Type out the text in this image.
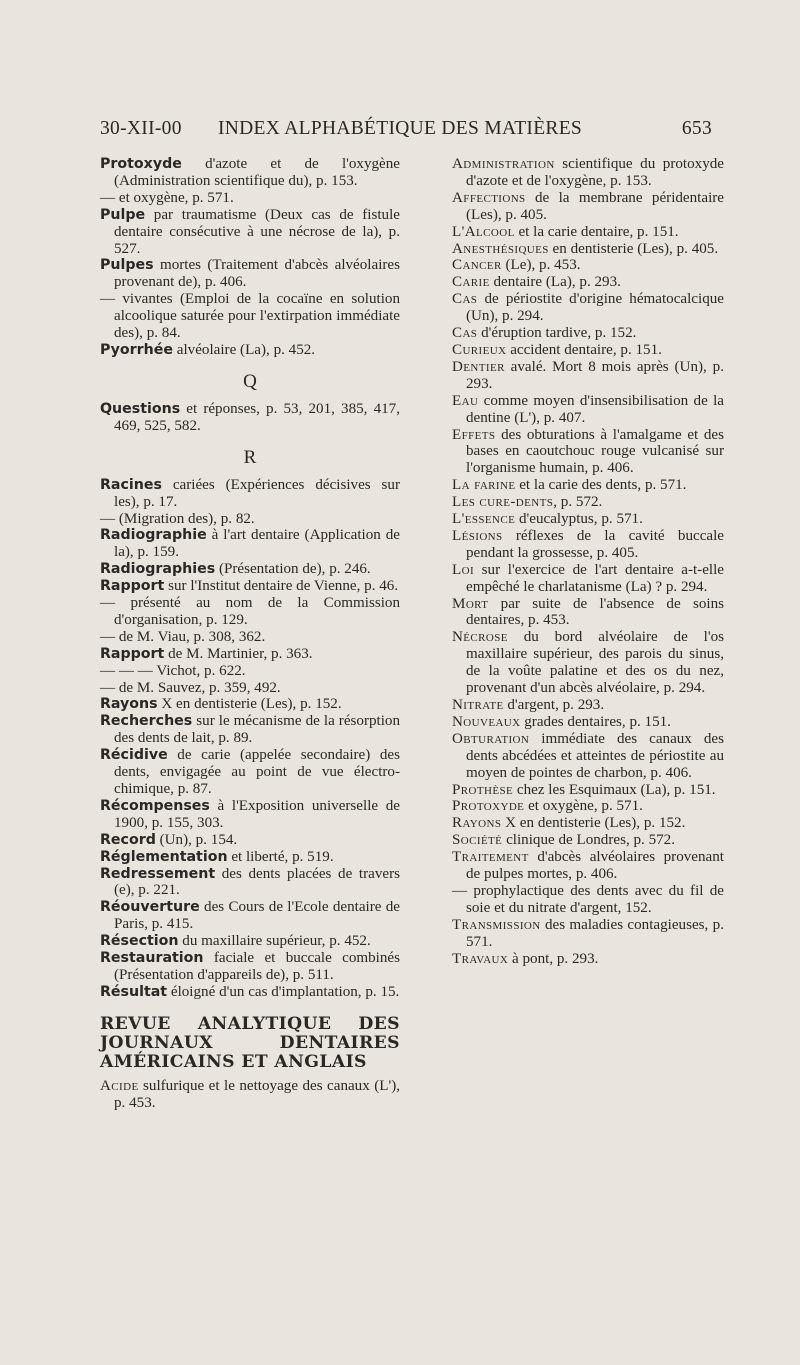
30-XII-00 INDEX ALPHABÉTIQUE DES MATIÈRES	653

Protoxyde d'azote et de l'oxygène (Administration scientifique du), p. 153.

— et oxygène, p. 571.

Pulpe par traumatisme (Deux cas de fistule dentaire consécutive à une nécrose de la), p. 527.

Pulpes mortes (Traitement d'abcès alvéolaires provenant de), p. 406.

— vivantes (Emploi de la cocaïne en solution alcoolique saturée pour l'extirpation immédiate des), p. 84.

Pyorrhée alvéolaire (La), p. 452.

Q

Questions et réponses, p. 53, 201, 385, 417, 469, 525, 582.

R

Racines cariées (Expériences décisives sur les), p. 17.

— (Migration des), p. 82.

Radiographie à l'art dentaire (Application de la), p. 159.

Radiographies (Présentation de), p. 246.

Rapport sur l'Institut dentaire de Vienne, p. 46.

— présenté au nom de la Commission d'organisation, p. 129.

— de M. Viau, p. 308, 362.

Rapport de M. Martinier, p. 363.

— — — Vichot, p. 622.

— de M. Sauvez, p. 359, 492.

Rayons X en dentisterie (Les), p. 152.

Recherches sur le mécanisme de la résorption des dents de lait, p. 89.

Récidive de carie (appelée secondaire) des dents, envigagée au point de vue électro-chimique, p. 87.

Récompenses à l'Exposition universelle de 1900, p. 155, 303.

Record (Un), p. 154.

Réglementation et liberté, p. 519.

Redressement des dents placées de travers (e), p. 221.

Réouverture des Cours de l'Ecole dentaire de Paris, p. 415.

Résection du maxillaire supérieur, p. 452.

Restauration faciale et buccale combinés (Présentation d'appareils de), p. 511.

Résultat éloigné d'un cas d'implantation, p. 15.

REVUE ANALYTIQUE DES JOURNAUX DENTAIRES AMÉRICAINS ET ANGLAIS

Acide sulfurique et le nettoyage des canaux (L'), p. 453.

Administration scientifique du protoxyde d'azote et de l'oxygène, p. 153.

Affections de la membrane péridentaire (Les), p. 405.

L'Alcool et la carie dentaire, p. 151.

Anesthésiques en dentisterie (Les), p. 405.

Cancer (Le), p. 453.

Carie dentaire (La), p. 293.

Cas de périostite d'origine hématocalcique (Un), p. 294.

Cas d'éruption tardive, p. 152.

Curieux accident dentaire, p. 151.

Dentier avalé. Mort 8 mois après (Un), p. 293.

Eau comme moyen d'insensibilisation de la dentine (L'), p. 407.

Effets des obturations à l'amalgame et des bases en caoutchouc rouge vulcanisé sur l'organisme humain, p. 406.

La farine et la carie des dents, p. 571.

Les cure-dents, p. 572.

L'essence d'eucalyptus, p. 571.

Lésions réflexes de la cavité buccale pendant la grossesse, p. 405.

Loi sur l'exercice de l'art dentaire a-t-elle empêché le charlatanisme (La) ? p. 294.

Mort par suite de l'absence de soins dentaires, p. 453.

Nécrose du bord alvéolaire de l'os maxillaire supérieur, des parois du sinus, de la voûte palatine et des os du nez, provenant d'un abcès alvéolaire, p. 294.

Nitrate d'argent, p. 293.

Nouveaux grades dentaires, p. 151.

Obturation immédiate des canaux des dents abcédées et atteintes de périostite au moyen de pointes de charbon, p. 406.

Prothèse chez les Esquimaux (La), p. 151.

Protoxyde et oxygène, p. 571.

Rayons X en dentisterie (Les), p. 152.

Société clinique de Londres, p. 572.

Traitement d'abcès alvéolaires provenant de pulpes mortes, p. 406.

— prophylactique des dents avec du fil de soie et du nitrate d'argent, 152.

Transmission des maladies contagieuses, p. 571.

Travaux à pont, p. 293.
